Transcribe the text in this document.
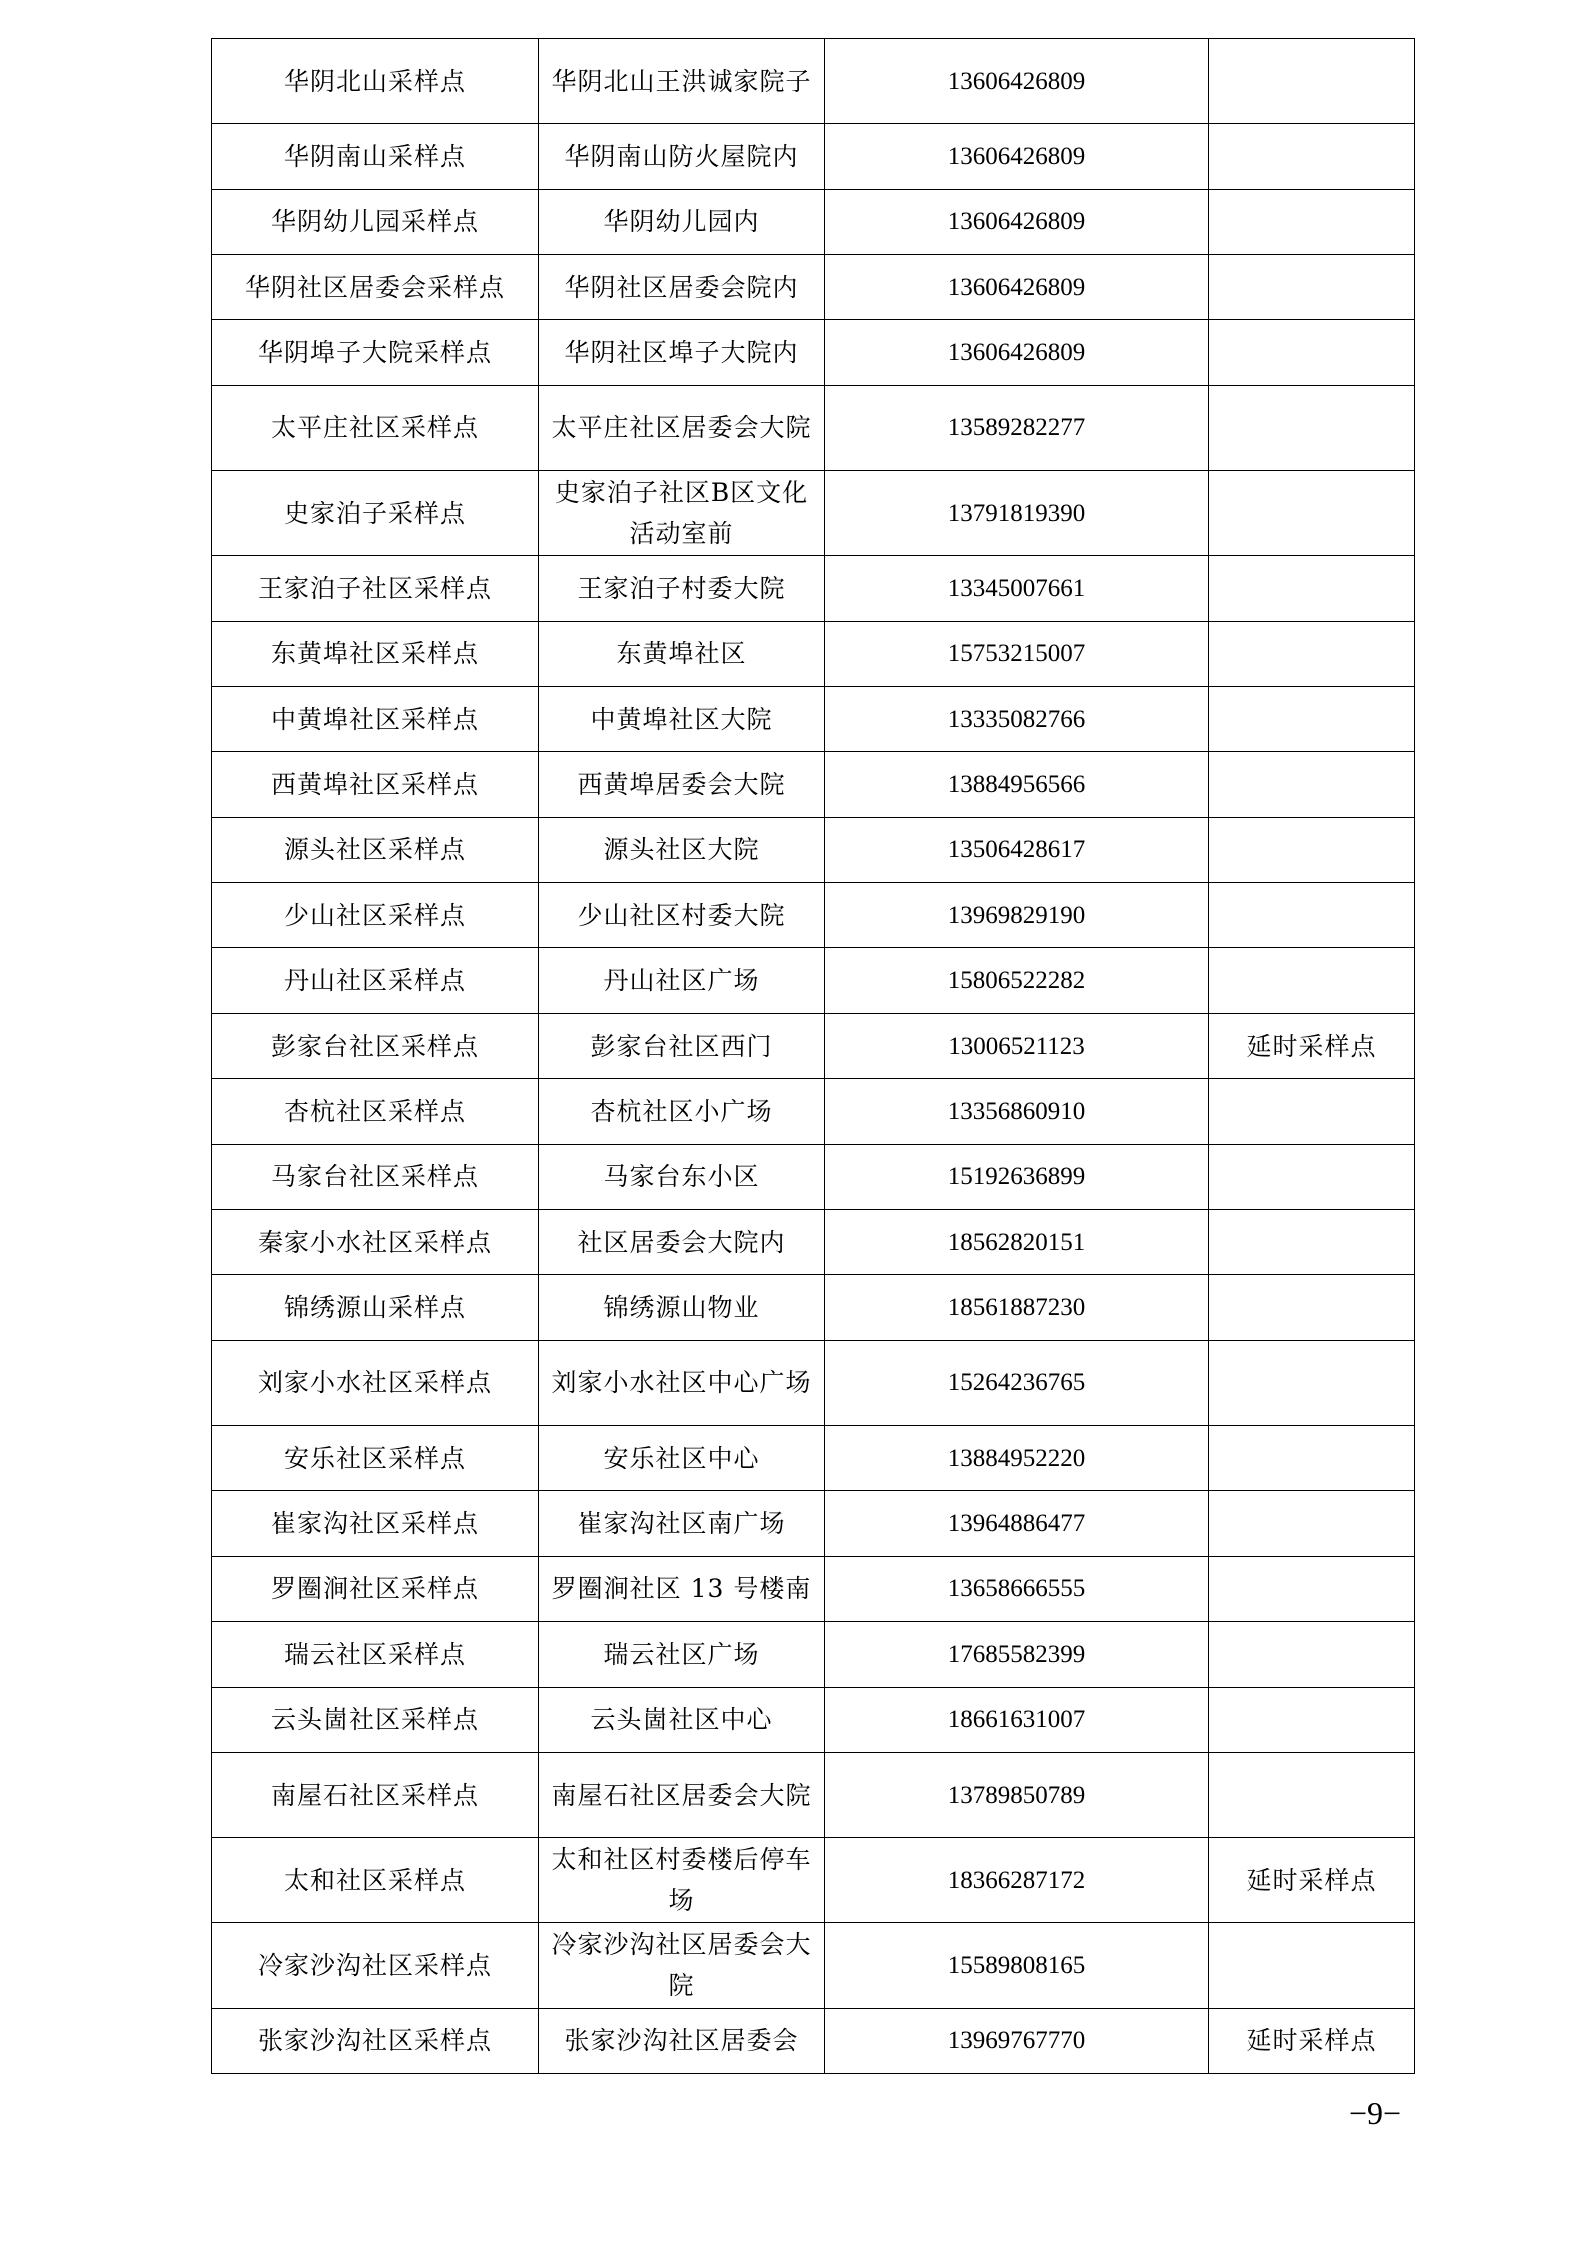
华阴北山采样点	华阴北山王洪诚家院子	13606426809	
华阴南山采样点	华阴南山防火屋院内	13606426809	
华阴幼儿园采样点	华阴幼儿园内	13606426809	
华阴社区居委会采样点	华阴社区居委会院内	13606426809	
华阴埠子大院采样点	华阴社区埠子大院内	13606426809	
太平庄社区采样点	太平庄社区居委会大院	13589282277	
史家泊子采样点	史家泊子社区B区文化活动室前	13791819390	
王家泊子社区采样点	王家泊子村委大院	13345007661	
东黄埠社区采样点	东黄埠社区	15753215007	
中黄埠社区采样点	中黄埠社区大院	13335082766	
西黄埠社区采样点	西黄埠居委会大院	13884956566	
源头社区采样点	源头社区大院	13506428617	
少山社区采样点	少山社区村委大院	13969829190	
丹山社区采样点	丹山社区广场	15806522282	
彭家台社区采样点	彭家台社区西门	13006521123	延时采样点
杏杭社区采样点	杏杭社区小广场	13356860910	
马家台社区采样点	马家台东小区	15192636899	
秦家小水社区采样点	社区居委会大院内	18562820151	
锦绣源山采样点	锦绣源山物业	18561887230	
刘家小水社区采样点	刘家小水社区中心广场	15264236765	
安乐社区采样点	安乐社区中心	13884952220	
崔家沟社区采样点	崔家沟社区南广场	13964886477	
罗圈涧社区采样点	罗圈涧社区 13 号楼南	13658666555	
瑞云社区采样点	瑞云社区广场	17685582399	
云头崮社区采样点	云头崮社区中心	18661631007	
南屋石社区采样点	南屋石社区居委会大院	13789850789	
太和社区采样点	太和社区村委楼后停车场	18366287172	延时采样点
冷家沙沟社区采样点	冷家沙沟社区居委会大院	15589808165	
张家沙沟社区采样点	张家沙沟社区居委会	13969767770	延时采样点
−9−
